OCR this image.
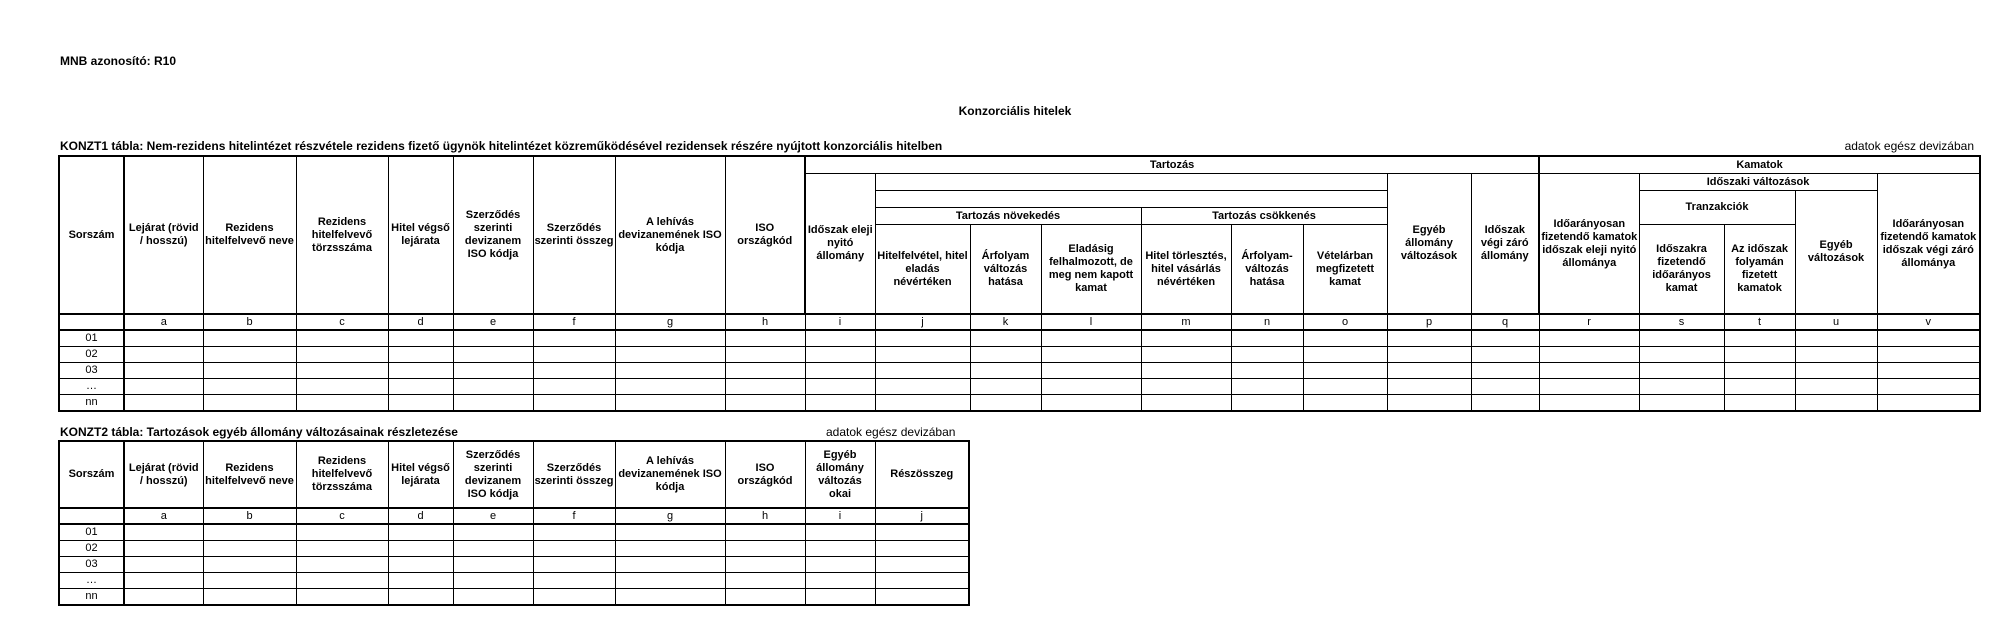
MNB azonosító: R10
Konzorciális hitelek
KONZT1 tábla: Nem-rezidens hitelintézet részvétele rezidens fizető ügynök hitelintézet közreműködésével rezidensek részére nyújtott konzorciális hitelben	adatok egész devizában
Sorszám	Lejárat (rövid / hosszú)	Rezidens hitelfelvevő neve	Rezidens hitelfelvevő törzsszáma	Hitel végső lejárata	Szerződés szerinti devizanem ISO kódja	Szerződés szerinti összeg	A lehívás devizanemének ISO kódja	ISO országkód	Tartozás									Kamatok				
									Időszak eleji nyitó állomány							Egyéb állomány változások	Időszak végi záró állomány	Időarányosan fizetendő kamatok időszak eleji nyitó állománya	Időszaki változások			Időarányosan fizetendő kamatok időszak végi záró állománya
																			Tranzakciók		Egyéb változások	
										Tartozás növekedés			Tartozás csökkenés									
										Hitelfelvétel, hitel eladás névértéken	Árfolyam változás hatása	Eladásig felhalmozott, de meg nem kapott kamat	Hitel törlesztés, hitel vásárlás névértéken	Árfolyam-változás hatása	Vételárban megfizetett kamat				Időszakra fizetendő időarányos kamat	Az időszak folyamán fizetett kamatok		
	a	b	c	d	e	f	g	h	i	j	k	l	m	n	o	p	q	r	s	t	u	v
01																						
02																						
03																						
…																						
nn																						
KONZT2 tábla: Tartozások egyéb állomány változásainak részletezése	adatok egész devizában
Sorszám	Lejárat (rövid / hosszú)	Rezidens hitelfelvevő neve	Rezidens hitelfelvevő törzsszáma	Hitel végső lejárata	Szerződés szerinti devizanem ISO kódja	Szerződés szerinti összeg	A lehívás devizanemének ISO kódja	ISO országkód	Egyéb állomány változás okai	Részösszeg
	a	b	c	d	e	f	g	h	i	j
01										
02										
03										
…										
nn										
